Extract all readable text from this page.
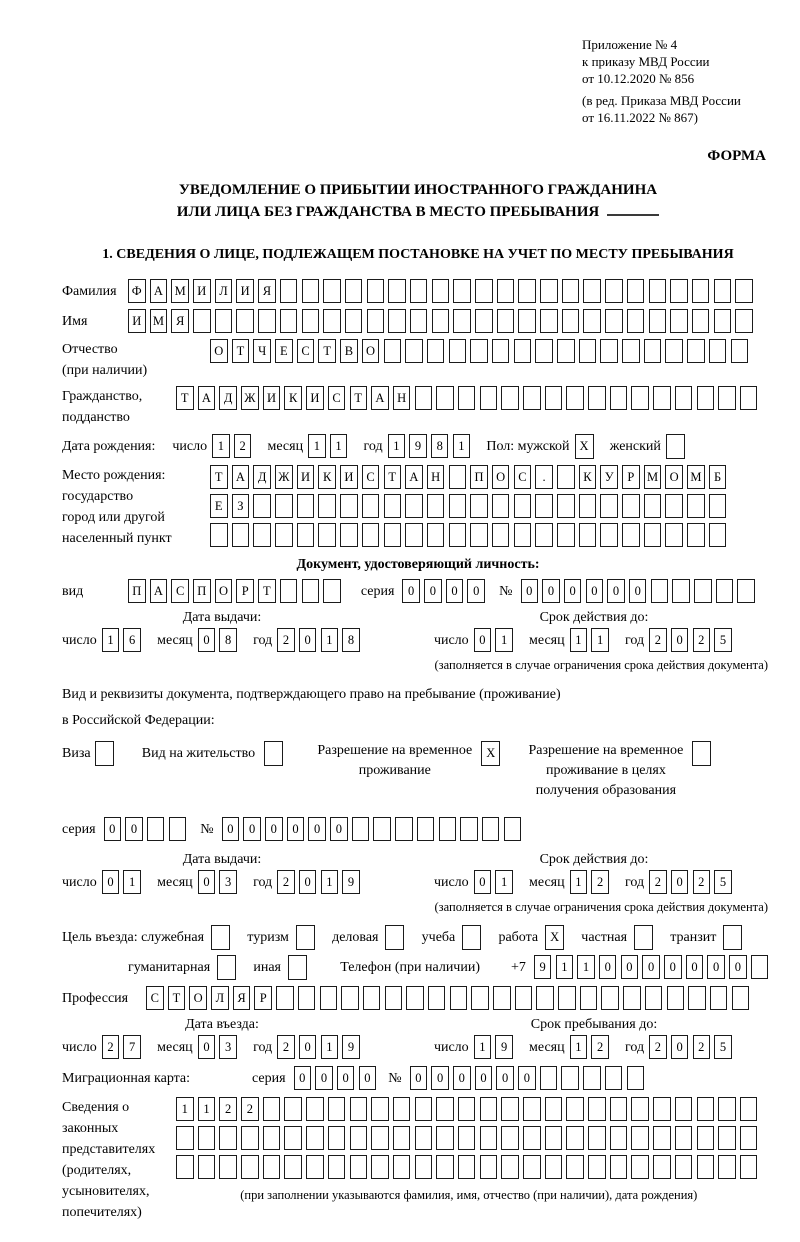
Приложение № 4
к приказу МВД России
от 10.12.2020 № 856
(в ред. Приказа МВД России
от 16.11.2022 № 867)
ФОРМА
УВЕДОМЛЕНИЕ О ПРИБЫТИИ ИНОСТРАННОГО ГРАЖДАНИНА
ИЛИ ЛИЦА БЕЗ ГРАЖДАНСТВА В МЕСТО ПРЕБЫВАНИЯ
1. СВЕДЕНИЯ О ЛИЦЕ, ПОДЛЕЖАЩЕМ ПОСТАНОВКЕ НА УЧЕТ ПО МЕСТУ ПРЕБЫВАНИЯ
Фамилия	Ф А М И	Л	И	Я
Имя	И М Я
Отчество
(при наличии)
О	Т	Ч	Е	С	Т	В	О
Гражданство,
подданство
Т	А	Д Ж И	К	И	С	Т	А	Н
Дата рождения: число 1	2	месяц 1	1	год 1	9	8	1	Пол: мужской X	женский
Место рождения:
государство
город или другой
населенный пункт
Т	А	Д Ж И	К	И	С	Т	А	Н	П	О	С	.	К	У	Р	М О М	Б
Е	З
Документ, удостоверяющий личность:
вид	П	А	С	П	О	Р	Т	серия	0	0	0	0	№	0	0	0	0	0	0
Дата выдачи:	Срок действия до:
число 1	6	месяц 0	8	год 2	0	1	8	число 0	1	месяц 1	1	год 2	0	2	5
(заполняется в случае ограничения срока действия документа)
Вид и реквизиты документа, подтверждающего право на пребывание (проживание)
в Российской Федерации:
Виза	Вид на жительство	Разрешение на временное
проживание
X	Разрешение на временное
проживание в целях
получения образования
серия	0	0	№	0	0	0	0	0	0
Дата выдачи:	Срок действия до:
число 0	1	месяц 0	3	год 2	0	1	9	число 0	1	месяц 1	2	год 2	0	2	5
(заполняется в случае ограничения срока действия документа)
Цель въезда: служебная	туризм	деловая	учеба	работа X	частная	транзит
гуманитарная	иная	Телефон (при наличии) +7	9	1	1	0	0	0	0	0	0	0
Профессия	С	Т	О	Л	Я	Р
Дата въезда:	Срок пребывания до:
число 2	7	месяц 0	3	год 2	0	1	9	число 1	9	месяц 1	2	год 2	0	2	5
Миграционная карта:	серия	0	0	0	0	№	0	0	0	0	0	0
Сведения о
законных
представителях
(родителях,
усыновителях,
попечителях)
1	1	2	2
(при заполнении указываются фамилия, имя, отчество (при наличии), дата рождения)
